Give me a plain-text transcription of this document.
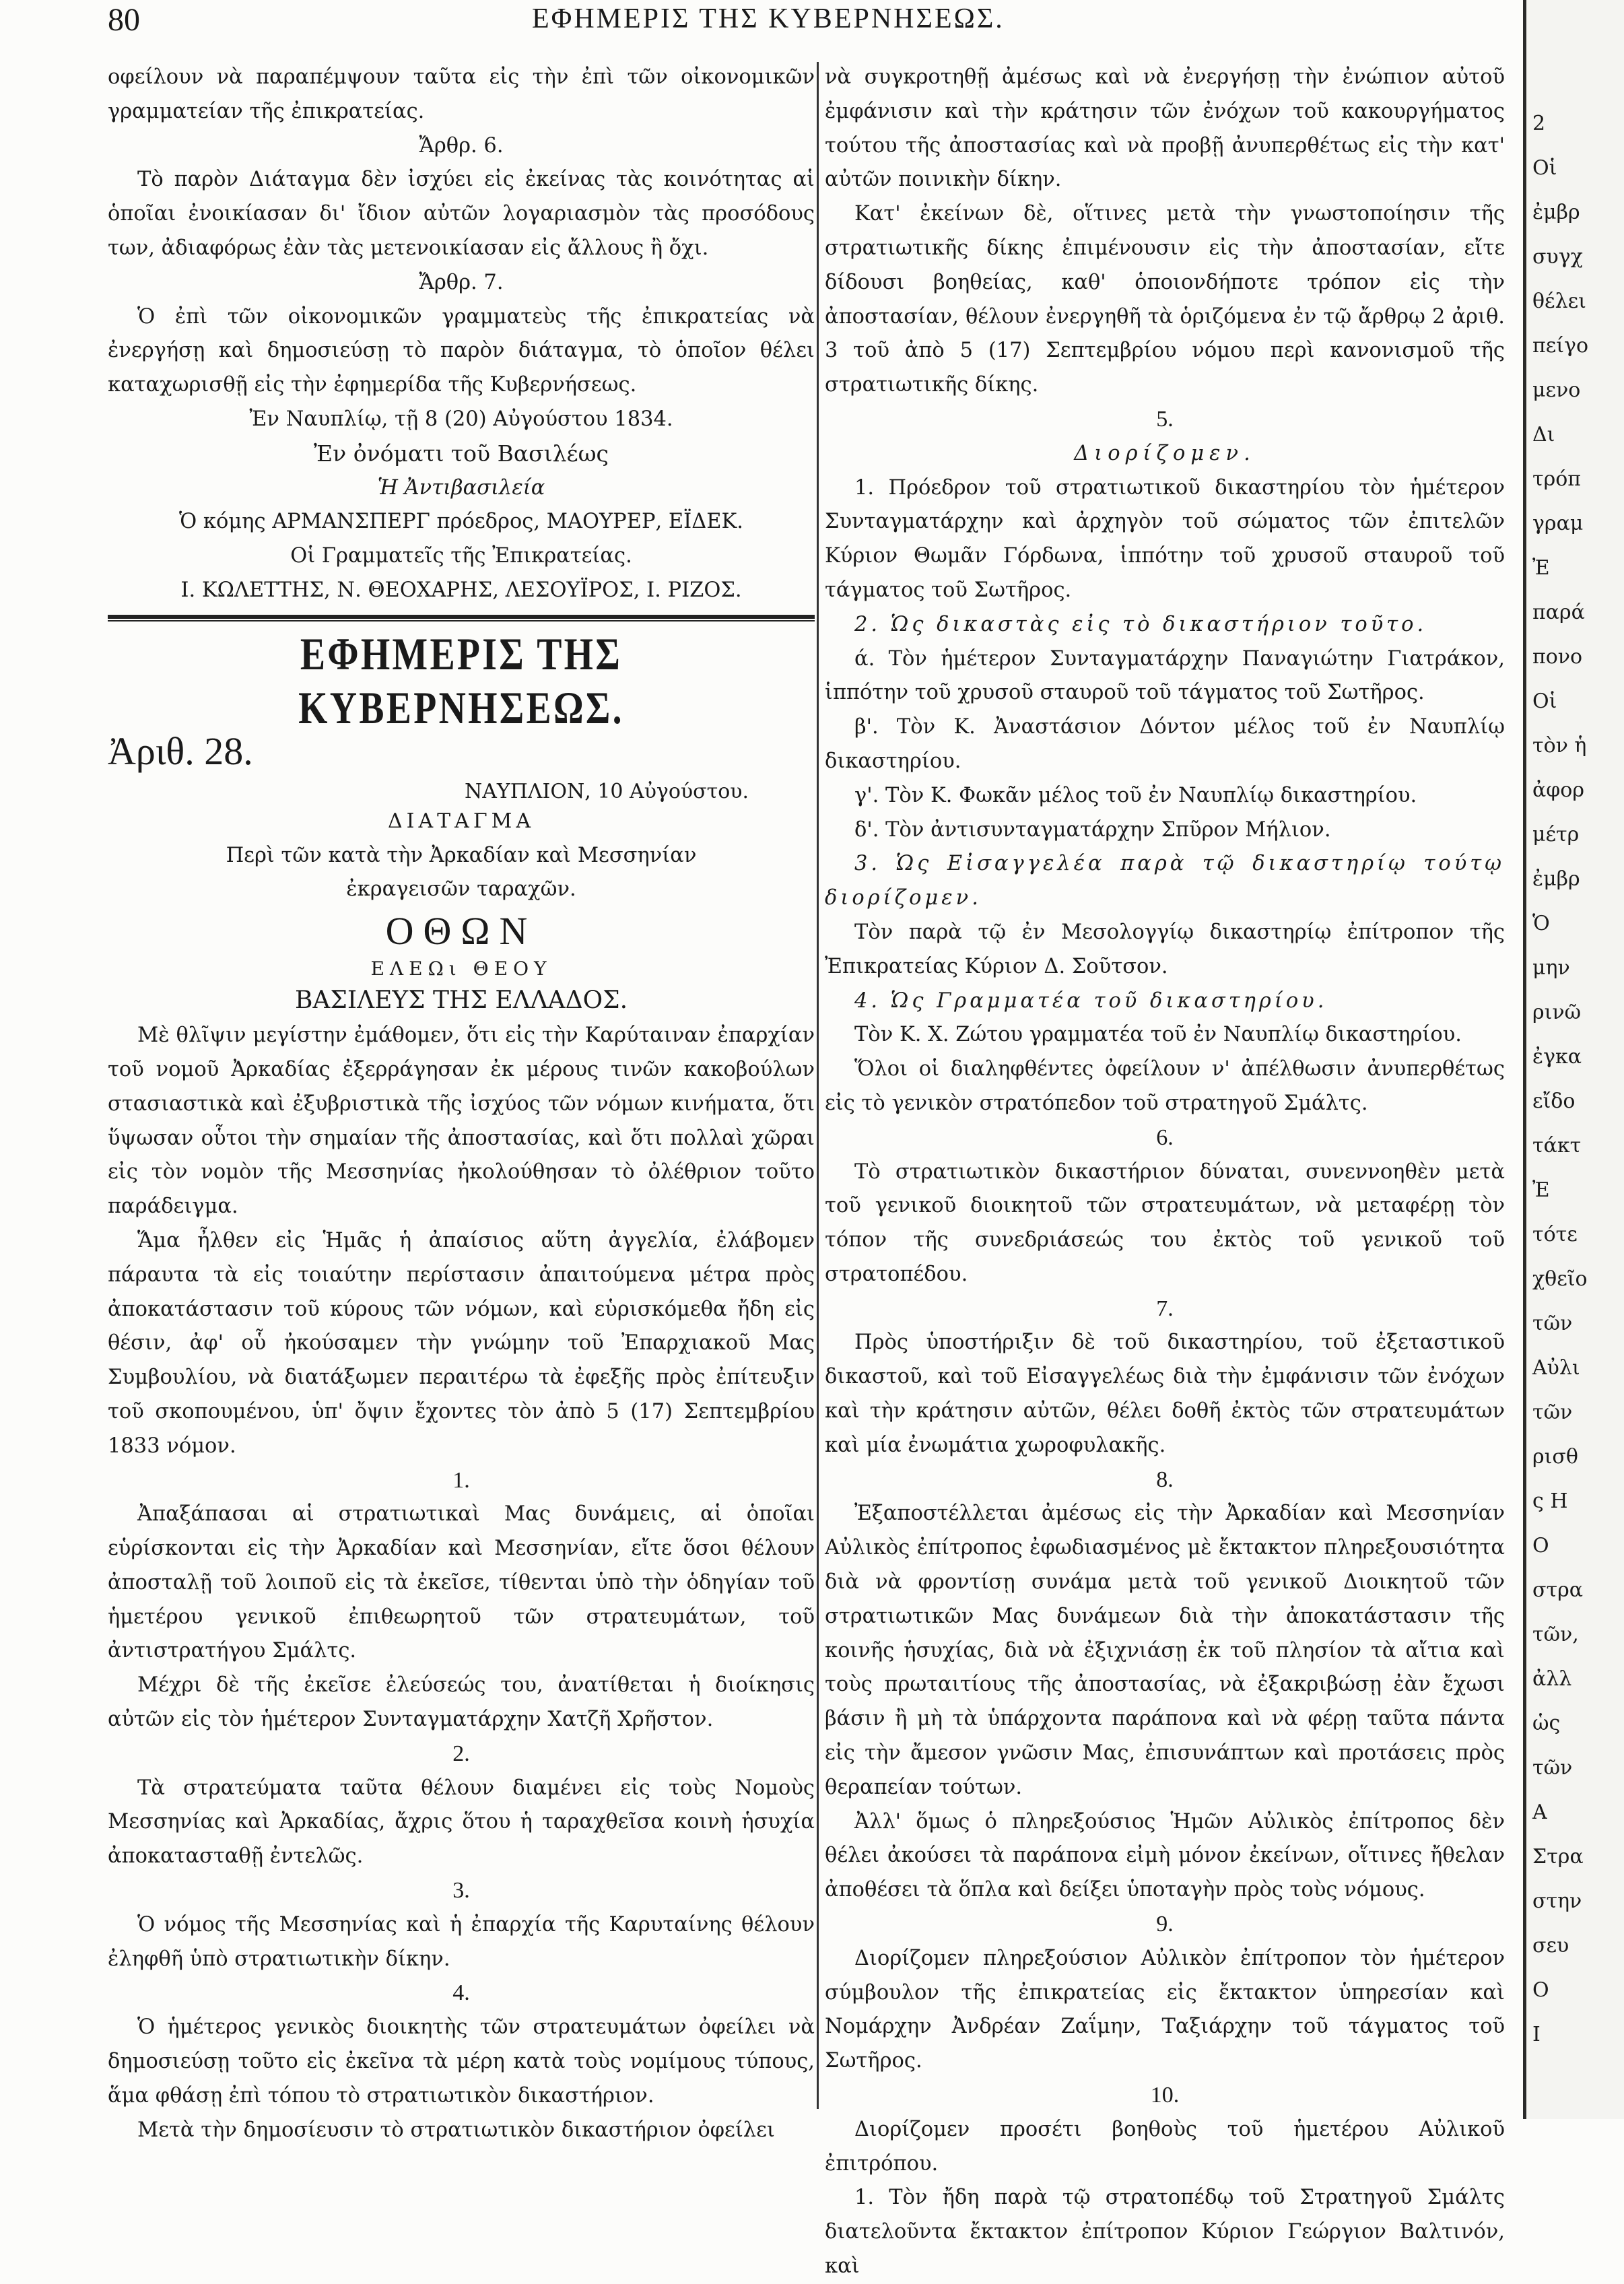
80	ΕΦΗΜΕΡΙΣ ΤΗΣ ΚΥΒΕΡΝΗΣΕΩΣ.

οφείλουν νὰ παραπέμψουν ταῦτα εἰς τὴν ἐπὶ τῶν οἰκονομικῶν γραμματείαν τῆς ἐπικρατείας.

Ἄρθρ. 6.

Τὸ παρὸν Διάταγμα δὲν ἰσχύει εἰς ἐκείνας τὰς κοινότητας αἱ ὁποῖαι ἐνοικίασαν δι' ἴδιον αὐτῶν λογαριασμὸν τὰς προσόδους των, ἀδιαφόρως ἐὰν τὰς μετενοικίασαν εἰς ἄλλους ἢ ὄχι.

Ἄρθρ. 7.

Ὁ ἐπὶ τῶν οἰκονομικῶν γραμματεὺς τῆς ἐπικρατείας νὰ ἐνεργήσῃ καὶ δημοσιεύσῃ τὸ παρὸν διάταγμα, τὸ ὁποῖον θέλει καταχωρισθῇ εἰς τὴν ἐφημερίδα τῆς Κυβερνήσεως.

Ἐν Ναυπλίῳ, τῇ 8 (20) Αὐγούστου 1834.

Ἐν ὀνόματι τοῦ Βασιλέως

Ἡ Ἀντιβασιλεία

Ὁ κόμης ΑΡΜΑΝΣΠΕΡΓ πρόεδρος, ΜΑΟΥΡΕΡ, ΕΪΔΕΚ.

Οἱ Γραμματεῖς τῆς Ἐπικρατείας.

Ι. ΚΩΛΕΤΤΗΣ, Ν. ΘΕΟΧΑΡΗΣ, ΛΕΣΟΥΪΡΟΣ, Ι. ΡΙΖΟΣ.

ΕΦΗΜΕΡΙΣ ΤΗΣ ΚΥΒΕΡΝΗΣΕΩΣ.

Ἀριθ. 28.
ΝΑΥΠΛΙΟΝ, 10 Αὐγούστου.

ΔΙΑΤΑΓΜΑ

Περὶ τῶν κατὰ τὴν Ἀρκαδίαν καὶ Μεσσηνίαν ἐκραγεισῶν ταραχῶν.

ΟΘΩΝ

ΕΛΕΩι ΘΕΟΥ

ΒΑΣΙΛΕΥΣ ΤΗΣ ΕΛΛΑΔΟΣ.

Μὲ θλῖψιν μεγίστην ἐμάθομεν, ὅτι εἰς τὴν Καρύταιναν ἐπαρχίαν τοῦ νομοῦ Ἀρκαδίας ἐξερράγησαν ἐκ μέρους τινῶν κακοβούλων στασιαστικὰ καὶ ἐξυβριστικὰ τῆς ἰσχύος τῶν νόμων κινήματα, ὅτι ὕψωσαν οὗτοι τὴν σημαίαν τῆς ἀποστασίας, καὶ ὅτι πολλαὶ χῶραι εἰς τὸν νομὸν τῆς Μεσσηνίας ἠκολούθησαν τὸ ὀλέθριον τοῦτο παράδειγμα.

Ἅμα ἦλθεν εἰς Ἡμᾶς ἡ ἀπαίσιος αὕτη ἀγγελία, ἐλάβομεν πάραυτα τὰ εἰς τοιαύτην περίστασιν ἀπαιτούμενα μέτρα πρὸς ἀποκατάστασιν τοῦ κύρους τῶν νόμων, καὶ εὑρισκόμεθα ἤδη εἰς θέσιν, ἀφ' οὗ ἠκούσαμεν τὴν γνώμην τοῦ Ἐπαρχιακοῦ Μας Συμβουλίου, νὰ διατάξωμεν περαιτέρω τὰ ἐφεξῆς πρὸς ἐπίτευξιν τοῦ σκοπουμένου, ὑπ' ὄψιν ἔχοντες τὸν ἀπὸ 5 (17) Σεπτεμβρίου 1833 νόμον.

1.

Ἀπαξάπασαι αἱ στρατιωτικαὶ Μας δυνάμεις, αἱ ὁποῖαι εὑρίσκονται εἰς τὴν Ἀρκαδίαν καὶ Μεσσηνίαν, εἴτε ὅσοι θέλουν ἀποσταλῇ τοῦ λοιποῦ εἰς τὰ ἐκεῖσε, τίθενται ὑπὸ τὴν ὁδηγίαν τοῦ ἡμετέρου γενικοῦ ἐπιθεωρητοῦ τῶν στρατευμάτων, τοῦ ἀντιστρατήγου Σμάλτς.

Μέχρι δὲ τῆς ἐκεῖσε ἐλεύσεώς του, ἀνατίθεται ἡ διοίκησις αὐτῶν εἰς τὸν ἡμέτερον Συνταγματάρχην Χατζῆ Χρῆστον.

2.

Τὰ στρατεύματα ταῦτα θέλουν διαμένει εἰς τοὺς Νομοὺς Μεσσηνίας καὶ Ἀρκαδίας, ἄχρις ὅτου ἡ ταραχθεῖσα κοινὴ ἡσυχία ἀποκατασταθῇ ἐντελῶς.

3.

Ὁ νόμος τῆς Μεσσηνίας καὶ ἡ ἐπαρχία τῆς Καρυταίνης θέλουν ἐληφθῆ ὑπὸ στρατιωτικὴν δίκην.

4.

Ὁ ἡμέτερος γενικὸς διοικητὴς τῶν στρατευμάτων ὀφείλει νὰ δημοσιεύσῃ τοῦτο εἰς ἐκεῖνα τὰ μέρη κατὰ τοὺς νομίμους τύπους, ἅμα φθάσῃ ἐπὶ τόπου τὸ στρατιωτικὸν δικαστήριον.

Μετὰ τὴν δημοσίευσιν τὸ στρατιωτικὸν δικαστήριον ὀφείλει

νὰ συγκροτηθῇ ἀμέσως καὶ νὰ ἐνεργήσῃ τὴν ἐνώπιον αὐτοῦ ἐμφάνισιν καὶ τὴν κράτησιν τῶν ἐνόχων τοῦ κακουργήματος τούτου τῆς ἀποστασίας καὶ νὰ προβῇ ἀνυπερθέτως εἰς τὴν κατ' αὐτῶν ποινικὴν δίκην.

Κατ' ἐκείνων δὲ, οἵτινες μετὰ τὴν γνωστοποίησιν τῆς στρατιωτικῆς δίκης ἐπιμένουσιν εἰς τὴν ἀποστασίαν, εἴτε δίδουσι βοηθείας, καθ' ὁποιονδήποτε τρόπον εἰς τὴν ἀποστασίαν, θέλουν ἐνεργηθῆ τὰ ὁριζόμενα ἐν τῷ ἄρθρῳ 2 ἀριθ. 3 τοῦ ἀπὸ 5 (17) Σεπτεμβρίου νόμου περὶ κανονισμοῦ τῆς στρατιωτικῆς δίκης.

5.

Διορίζομεν.

1. Πρόεδρον τοῦ στρατιωτικοῦ δικαστηρίου τὸν ἡμέτερον Συνταγματάρχην καὶ ἀρχηγὸν τοῦ σώματος τῶν ἐπιτελῶν Κύριον Θωμᾶν Γόρδωνα, ἱππότην τοῦ χρυσοῦ σταυροῦ τοῦ τάγματος τοῦ Σωτῆρος.

2. Ὡς δικαστὰς εἰς τὸ δικαστήριον τοῦτο.

ά. Τὸν ἡμέτερον Συνταγματάρχην Παναγιώτην Γιατράκον, ἱππότην τοῦ χρυσοῦ σταυροῦ τοῦ τάγματος τοῦ Σωτῆρος.

β'. Τὸν Κ. Ἀναστάσιον Δόντον μέλος τοῦ ἐν Ναυπλίῳ δικαστηρίου.

γ'. Τὸν Κ. Φωκᾶν μέλος τοῦ ἐν Ναυπλίῳ δικαστηρίου.

δ'. Τὸν ἀντισυνταγματάρχην Σπῦρον Μήλιον.

3. Ὡς Εἰσαγγελέα παρὰ τῷ δικαστηρίῳ τούτῳ διορίζομεν.

Τὸν παρὰ τῷ ἐν Μεσολογγίῳ δικαστηρίῳ ἐπίτροπον τῆς Ἐπικρατείας Κύριον Δ. Σοῦτσον.

4. Ὡς Γραμματέα τοῦ δικαστηρίου.

Τὸν Κ. Χ. Ζώτου γραμματέα τοῦ ἐν Ναυπλίῳ δικαστηρίου.

Ὅλοι οἱ διαληφθέντες ὀφείλουν ν' ἀπέλθωσιν ἀνυπερθέτως εἰς τὸ γενικὸν στρατόπεδον τοῦ στρατηγοῦ Σμάλτς.

6.

Τὸ στρατιωτικὸν δικαστήριον δύναται, συνεννοηθὲν μετὰ τοῦ γενικοῦ διοικητοῦ τῶν στρατευμάτων, νὰ μεταφέρῃ τὸν τόπον τῆς συνεδριάσεώς του ἐκτὸς τοῦ γενικοῦ τοῦ στρατοπέδου.

7.

Πρὸς ὑποστήριξιν δὲ τοῦ δικαστηρίου, τοῦ ἐξεταστικοῦ δικαστοῦ, καὶ τοῦ Εἰσαγγελέως διὰ τὴν ἐμφάνισιν τῶν ἐνόχων καὶ τὴν κράτησιν αὐτῶν, θέλει δοθῆ ἐκτὸς τῶν στρατευμάτων καὶ μία ἐνωμάτια χωροφυλακῆς.

8.

Ἐξαποστέλλεται ἀμέσως εἰς τὴν Ἀρκαδίαν καὶ Μεσσηνίαν Αὐλικὸς ἐπίτροπος ἐφωδιασμένος μὲ ἔκτακτον πληρεξουσιότητα διὰ νὰ φροντίσῃ συνάμα μετὰ τοῦ γενικοῦ Διοικητοῦ τῶν στρατιωτικῶν Μας δυνάμεων διὰ τὴν ἀποκατάστασιν τῆς κοινῆς ἡσυχίας, διὰ νὰ ἐξιχνιάσῃ ἐκ τοῦ πλησίον τὰ αἴτια καὶ τοὺς πρωταιτίους τῆς ἀποστασίας, νὰ ἐξακριβώσῃ ἐὰν ἔχωσι βάσιν ἢ μὴ τὰ ὑπάρχοντα παράπονα καὶ νὰ φέρῃ ταῦτα πάντα εἰς τὴν ἄμεσον γνῶσιν Μας, ἐπισυνάπτων καὶ προτάσεις πρὸς θεραπείαν τούτων.

Ἀλλ' ὅμως ὁ πληρεξούσιος Ἡμῶν Αὐλικὸς ἐπίτροπος δὲν θέλει ἀκούσει τὰ παράπονα εἰμὴ μόνον ἐκείνων, οἵτινες ἤθελαν ἀποθέσει τὰ ὅπλα καὶ δείξει ὑποταγὴν πρὸς τοὺς νόμους.

9.

Διορίζομεν πληρεξούσιον Αὐλικὸν ἐπίτροπον τὸν ἡμέτερον σύμβουλον τῆς ἐπικρατείας εἰς ἔκτακτον ὑπηρεσίαν καὶ Νομάρχην Ἀνδρέαν Ζαΐμην, Ταξιάρχην τοῦ τάγματος τοῦ Σωτῆρος.

10.

Διορίζομεν προσέτι βοηθοὺς τοῦ ἡμετέρου Αὐλικοῦ ἐπιτρόπου.

1. Τὸν ἤδη παρὰ τῷ στρατοπέδῳ τοῦ Στρατηγοῦ Σμάλτς διατελοῦντα ἔκτακτον ἐπίτροπον Κύριον Γεώργιον Βαλτινόν, καὶ

2
Οἱ
ἐμβρ
συγχ
θέλει
πείγο
μενο
Δι
τρόπ
γραμ
Ἐ
παρά
πονο
Οἱ
τὸν ἡ
ἀφορ
μέτρ
ἐμβρ
Ὁ
μην
ρινῶ
ἐγκα
εἴδο
τάκτ
Ἐ
τότε
χθεῖο
τῶν
Αὐλι
τῶν
ρισθ
ς Η
Ο
στρα
τῶν,
ἀλλ
ὡς
τῶν
Α
Στρα
στην
σευ
Ο
Ι
